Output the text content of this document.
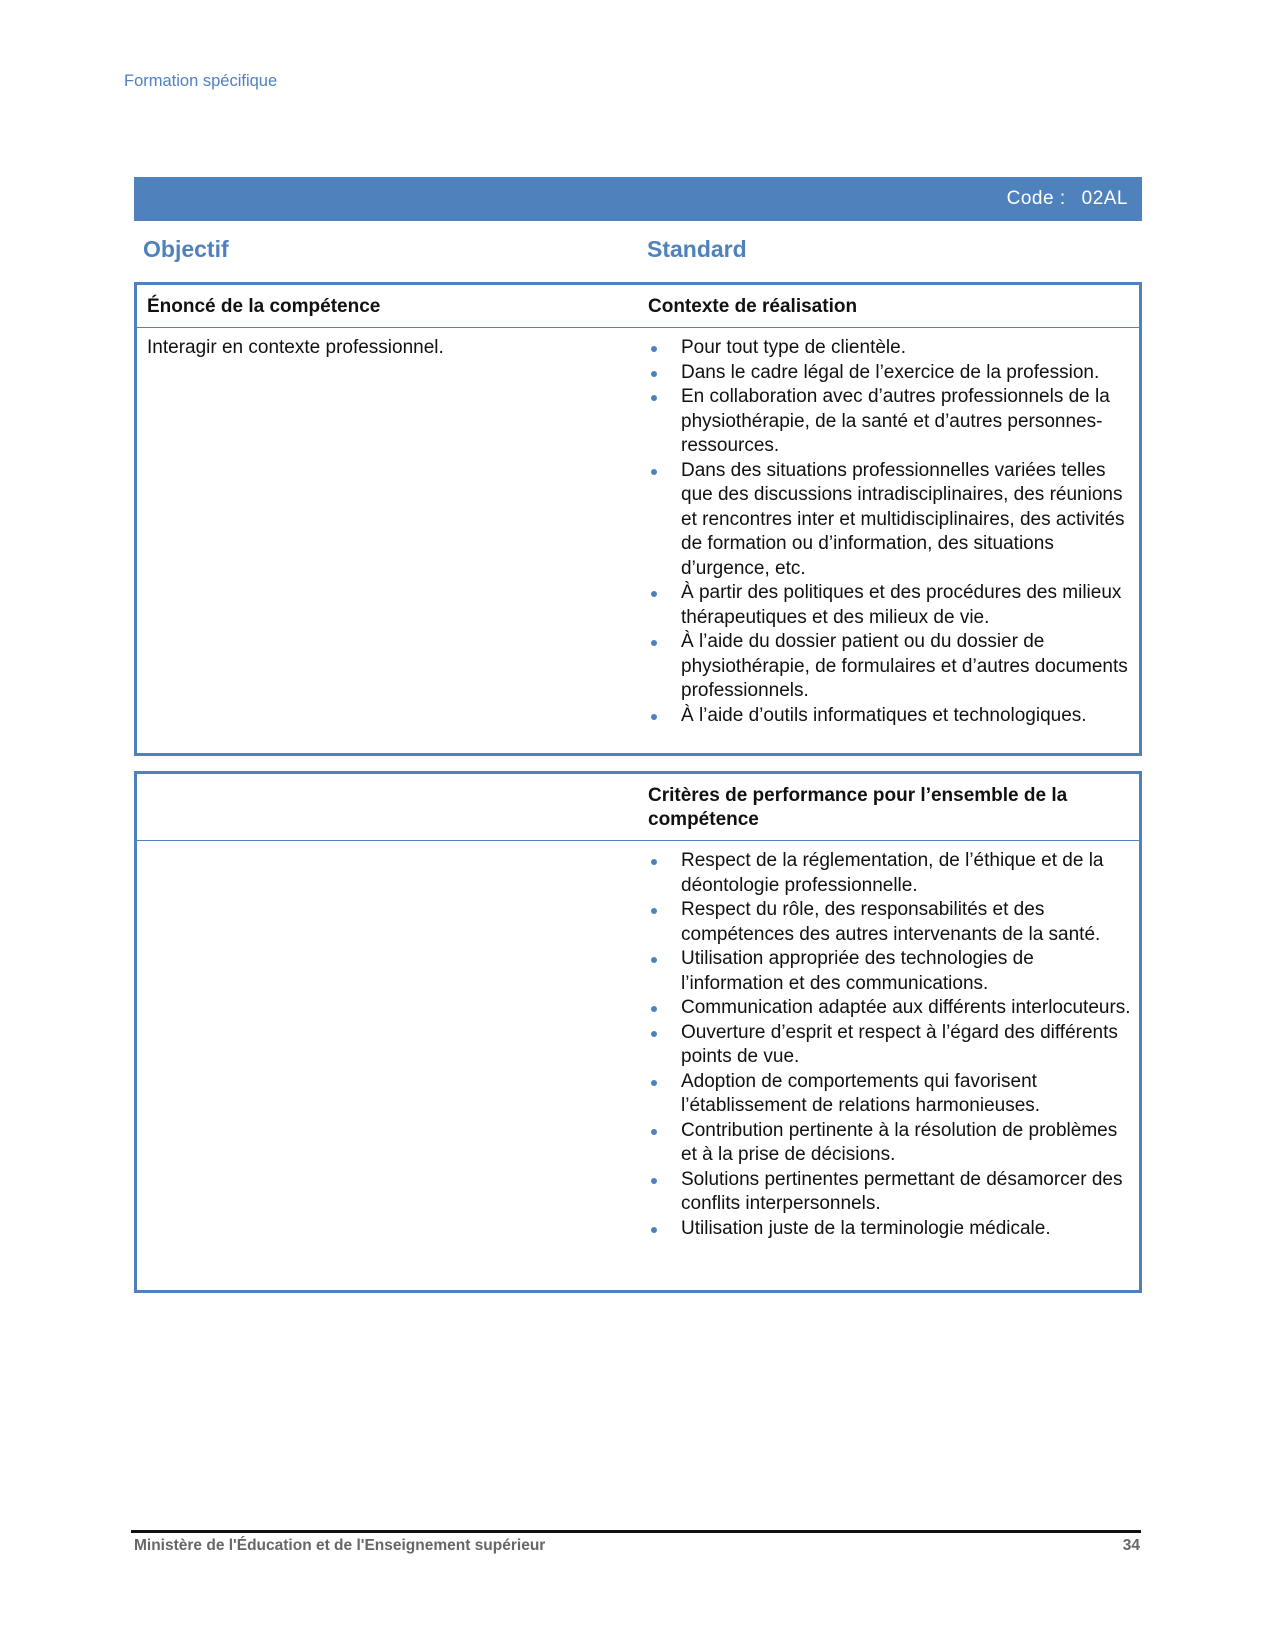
Formation spécifique
Code : 02AL
Objectif	Standard
Énoncé de la compétence	Contexte de réalisation
Interagir en contexte professionnel.	Pour tout type de clientèle.
Dans le cadre légal de l’exercice de la profession.
En collaboration avec d’autres professionnels de la physiothérapie, de la santé et d’autres personnes-ressources.
Dans des situations professionnelles variées telles que des discussions intradisciplinaires, des réunions et rencontres inter et multidisciplinaires, des activités de formation ou d’information, des situations d’urgence, etc.
À partir des politiques et des procédures des milieux thérapeutiques et des milieux de vie.
À l’aide du dossier patient ou du dossier de physiothérapie, de formulaires et d’autres documents professionnels.
À l’aide d’outils informatiques et technologiques.
Critères de performance pour l’ensemble de la compétence
Respect de la réglementation, de l’éthique et de la déontologie professionnelle.
Respect du rôle, des responsabilités et des compétences des autres intervenants de la santé.
Utilisation appropriée des technologies de l’information et des communications.
Communication adaptée aux différents interlocuteurs.
Ouverture d’esprit et respect à l’égard des différents points de vue.
Adoption de comportements qui favorisent l’établissement de relations harmonieuses.
Contribution pertinente à la résolution de problèmes et à la prise de décisions.
Solutions pertinentes permettant de désamorcer des conflits interpersonnels.
Utilisation juste de la terminologie médicale.
Ministère de l'Éducation et de l'Enseignement supérieur	34
